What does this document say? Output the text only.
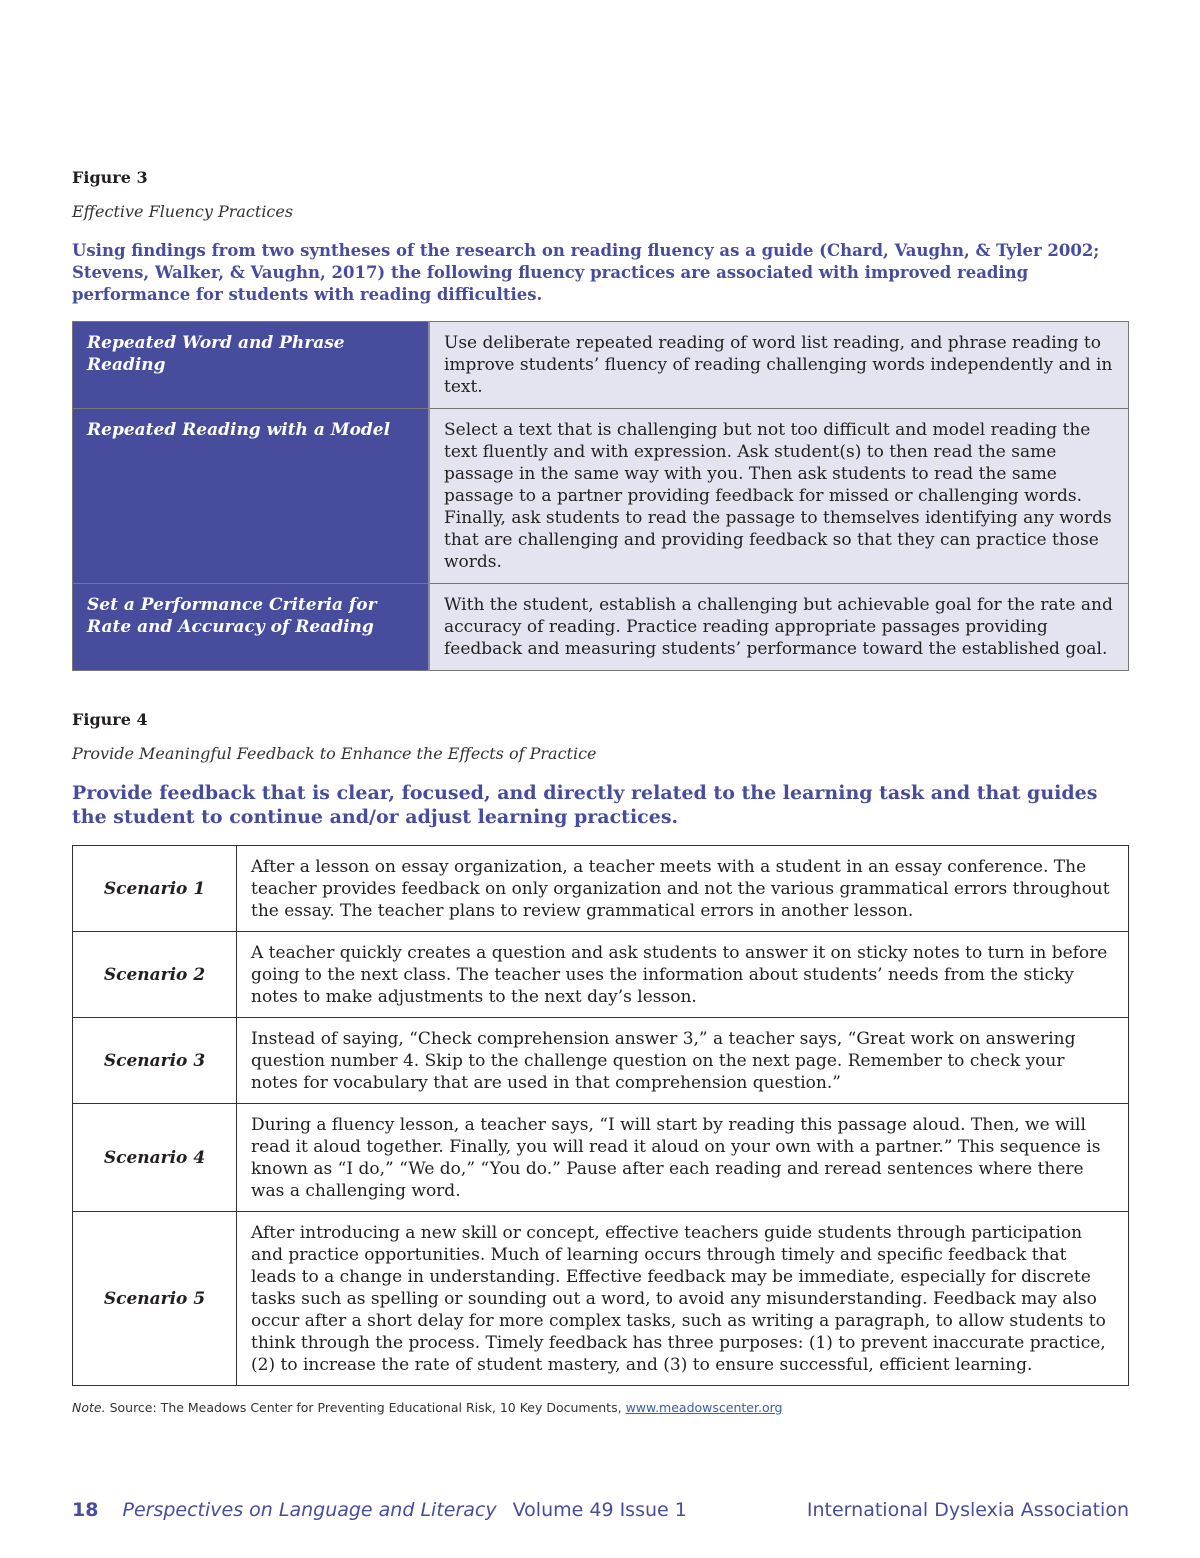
Figure 3

Effective Fluency Practices

Using findings from two syntheses of the research on reading fluency as a guide (Chard, Vaughn, & Tyler 2002; Stevens, Walker, & Vaughn, 2017) the following fluency practices are associated with improved reading performance for students with reading difficulties.

Repeated Word and Phrase Reading	Use deliberate repeated reading of word list reading, and phrase reading to improve students’ fluency of reading challenging words independently and in text.
Repeated Reading with a Model	Select a text that is challenging but not too difficult and model reading the text fluently and with expression. Ask student(s) to then read the same passage in the same way with you. Then ask students to read the same passage to a partner providing feedback for missed or challenging words. Finally, ask students to read the passage to themselves identifying any words that are challenging and providing feedback so that they can practice those words.
Set a Performance Criteria for Rate and Accuracy of Reading	With the student, establish a challenging but achievable goal for the rate and accuracy of reading. Practice reading appropriate passages providing feedback and measuring students’ performance toward the established goal.

Figure 4

Provide Meaningful Feedback to Enhance the Effects of Practice

Provide feedback that is clear, focused, and directly related to the learning task and that guides the student to continue and/or adjust learning practices.

Scenario 1	After a lesson on essay organization, a teacher meets with a student in an essay conference. The teacher provides feedback on only organization and not the various grammatical errors throughout the essay. The teacher plans to review grammatical errors in another lesson.
Scenario 2	A teacher quickly creates a question and ask students to answer it on sticky notes to turn in before going to the next class. The teacher uses the information about students’ needs from the sticky notes to make adjustments to the next day’s lesson.
Scenario 3	Instead of saying, “Check comprehension answer 3,” a teacher says, “Great work on answering question number 4. Skip to the challenge question on the next page. Remember to check your notes for vocabulary that are used in that comprehension question.”
Scenario 4	During a fluency lesson, a teacher says, “I will start by reading this passage aloud. Then, we will read it aloud together. Finally, you will read it aloud on your own with a partner.” This sequence is known as “I do,” “We do,” “You do.” Pause after each reading and reread sentences where there was a challenging word.
Scenario 5	After introducing a new skill or concept, effective teachers guide students through participation and practice opportunities. Much of learning occurs through timely and specific feedback that leads to a change in understanding. Effective feedback may be immediate, especially for discrete tasks such as spelling or sounding out a word, to avoid any misunderstanding. Feedback may also occur after a short delay for more complex tasks, such as writing a paragraph, to allow students to think through the process. Timely feedback has three purposes: (1) to prevent inaccurate practice, (2) to increase the rate of student mastery, and (3) to ensure successful, efficient learning.
Note. Source: The Meadows Center for Preventing Educational Risk, 10 Key Documents, www.meadowscenter.org
18 Perspectives on Language and Literacy Volume 49 Issue 1	International Dyslexia Association
